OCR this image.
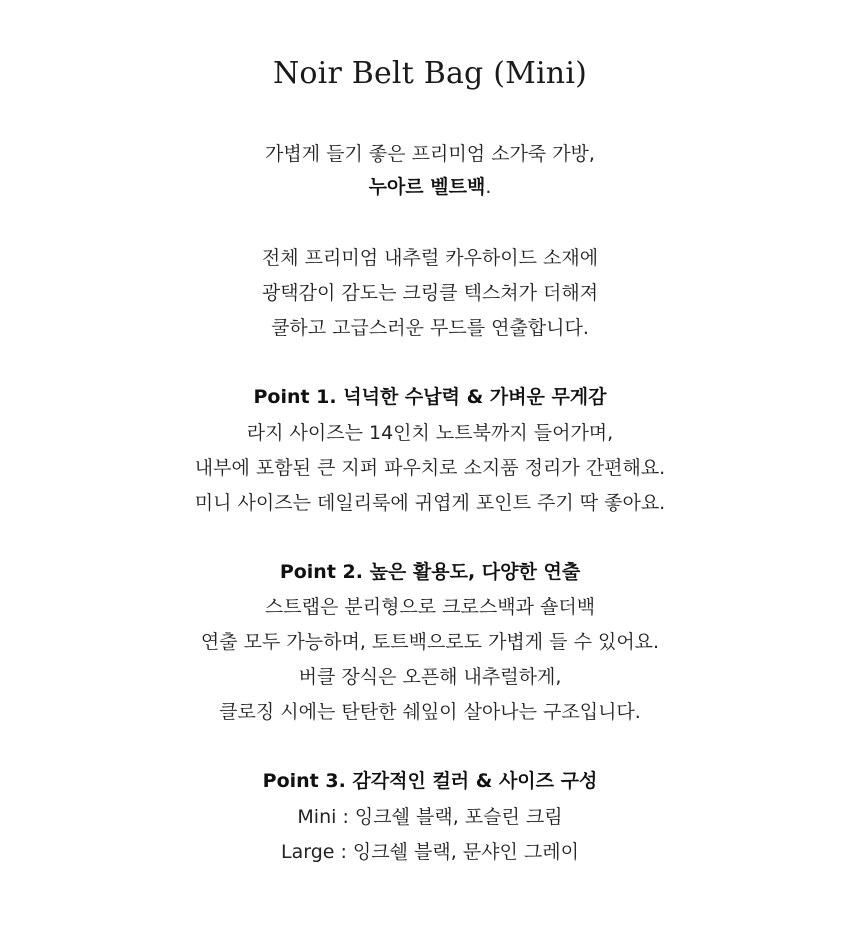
Noir Belt Bag (Mini)
가볍게 들기 좋은 프리미엄 소가죽 가방,
누아르 벨트백.
전체 프리미엄 내추럴 카우하이드 소재에
광택감이 감도는 크링클 텍스쳐가 더해져
쿨하고 고급스러운 무드를 연출합니다.
Point 1. 넉넉한 수납력 & 가벼운 무게감
라지 사이즈는 14인치 노트북까지 들어가며,
내부에 포함된 큰 지퍼 파우치로 소지품 정리가 간편해요.
미니 사이즈는 데일리룩에 귀엽게 포인트 주기 딱 좋아요.
Point 2. 높은 활용도, 다양한 연출
스트랩은 분리형으로 크로스백과 숄더백
연출 모두 가능하며, 토트백으로도 가볍게 들 수 있어요.
버클 장식은 오픈해 내추럴하게,
클로징 시에는 탄탄한 쉐잎이 살아나는 구조입니다.
Point 3. 감각적인 컬러 & 사이즈 구성
Mini : 잉크쉘 블랙, 포슬린 크림
Large : 잉크쉘 블랙, 문샤인 그레이
